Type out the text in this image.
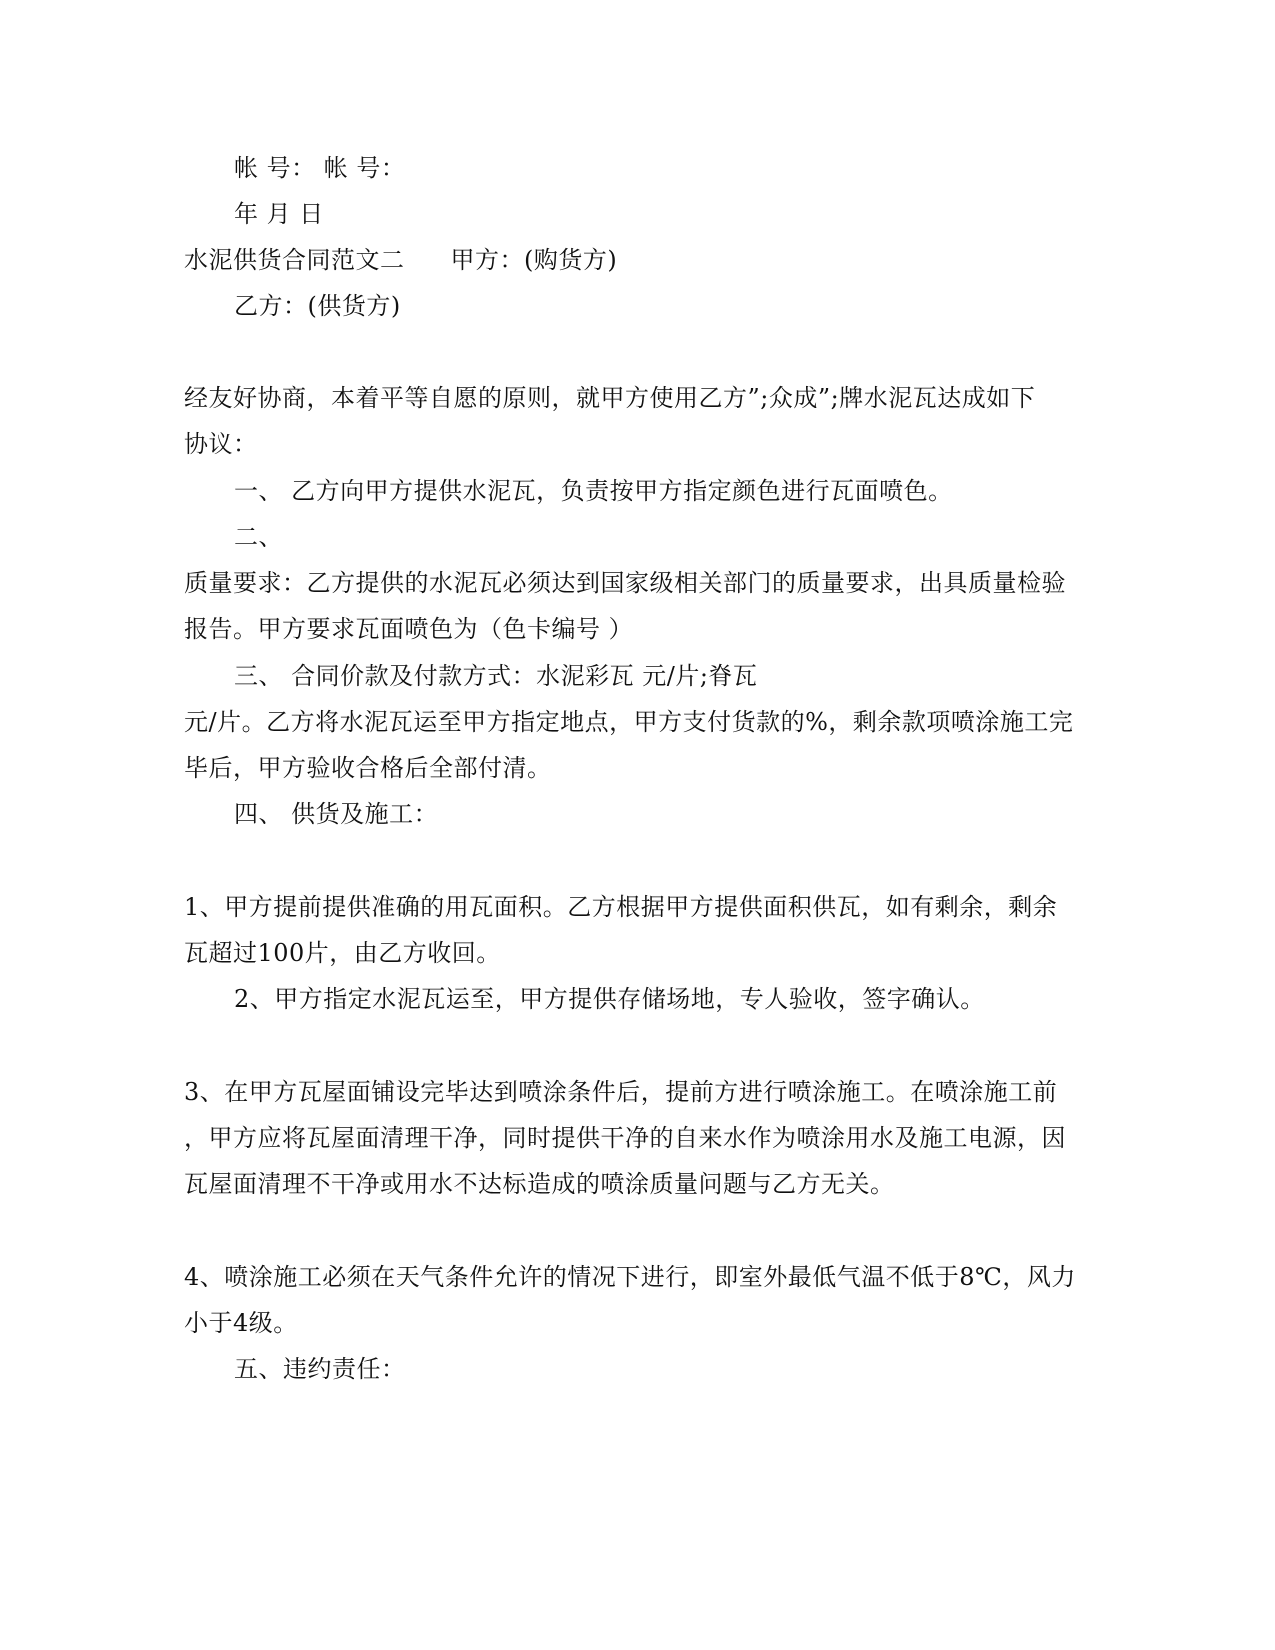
帐 号： 帐 号：
年 月 日
水泥供货合同范文二 甲方：(购货方)
乙方：(供货方)
经友好协商，本着平等自愿的原则，就甲方使用乙方”;众成”;牌水泥瓦达成如下
协议：
一、 乙方向甲方提供水泥瓦，负责按甲方指定颜色进行瓦面喷色。
二、
质量要求：乙方提供的水泥瓦必须达到国家级相关部门的质量要求，出具质量检验
报告。甲方要求瓦面喷色为（色卡编号 ）
三、 合同价款及付款方式：水泥彩瓦 元/片;脊瓦
元/片。乙方将水泥瓦运至甲方指定地点，甲方支付货款的%，剩余款项喷涂施工完
毕后，甲方验收合格后全部付清。
四、 供货及施工：
1、甲方提前提供准确的用瓦面积。乙方根据甲方提供面积供瓦，如有剩余，剩余
瓦超过100片，由乙方收回。
2、甲方指定水泥瓦运至，甲方提供存储场地，专人验收，签字确认。
3、在甲方瓦屋面铺设完毕达到喷涂条件后，提前方进行喷涂施工。在喷涂施工前
，甲方应将瓦屋面清理干净，同时提供干净的自来水作为喷涂用水及施工电源，因
瓦屋面清理不干净或用水不达标造成的喷涂质量问题与乙方无关。
4、喷涂施工必须在天气条件允许的情况下进行，即室外最低气温不低于8℃，风力
小于4级。
五、违约责任：
